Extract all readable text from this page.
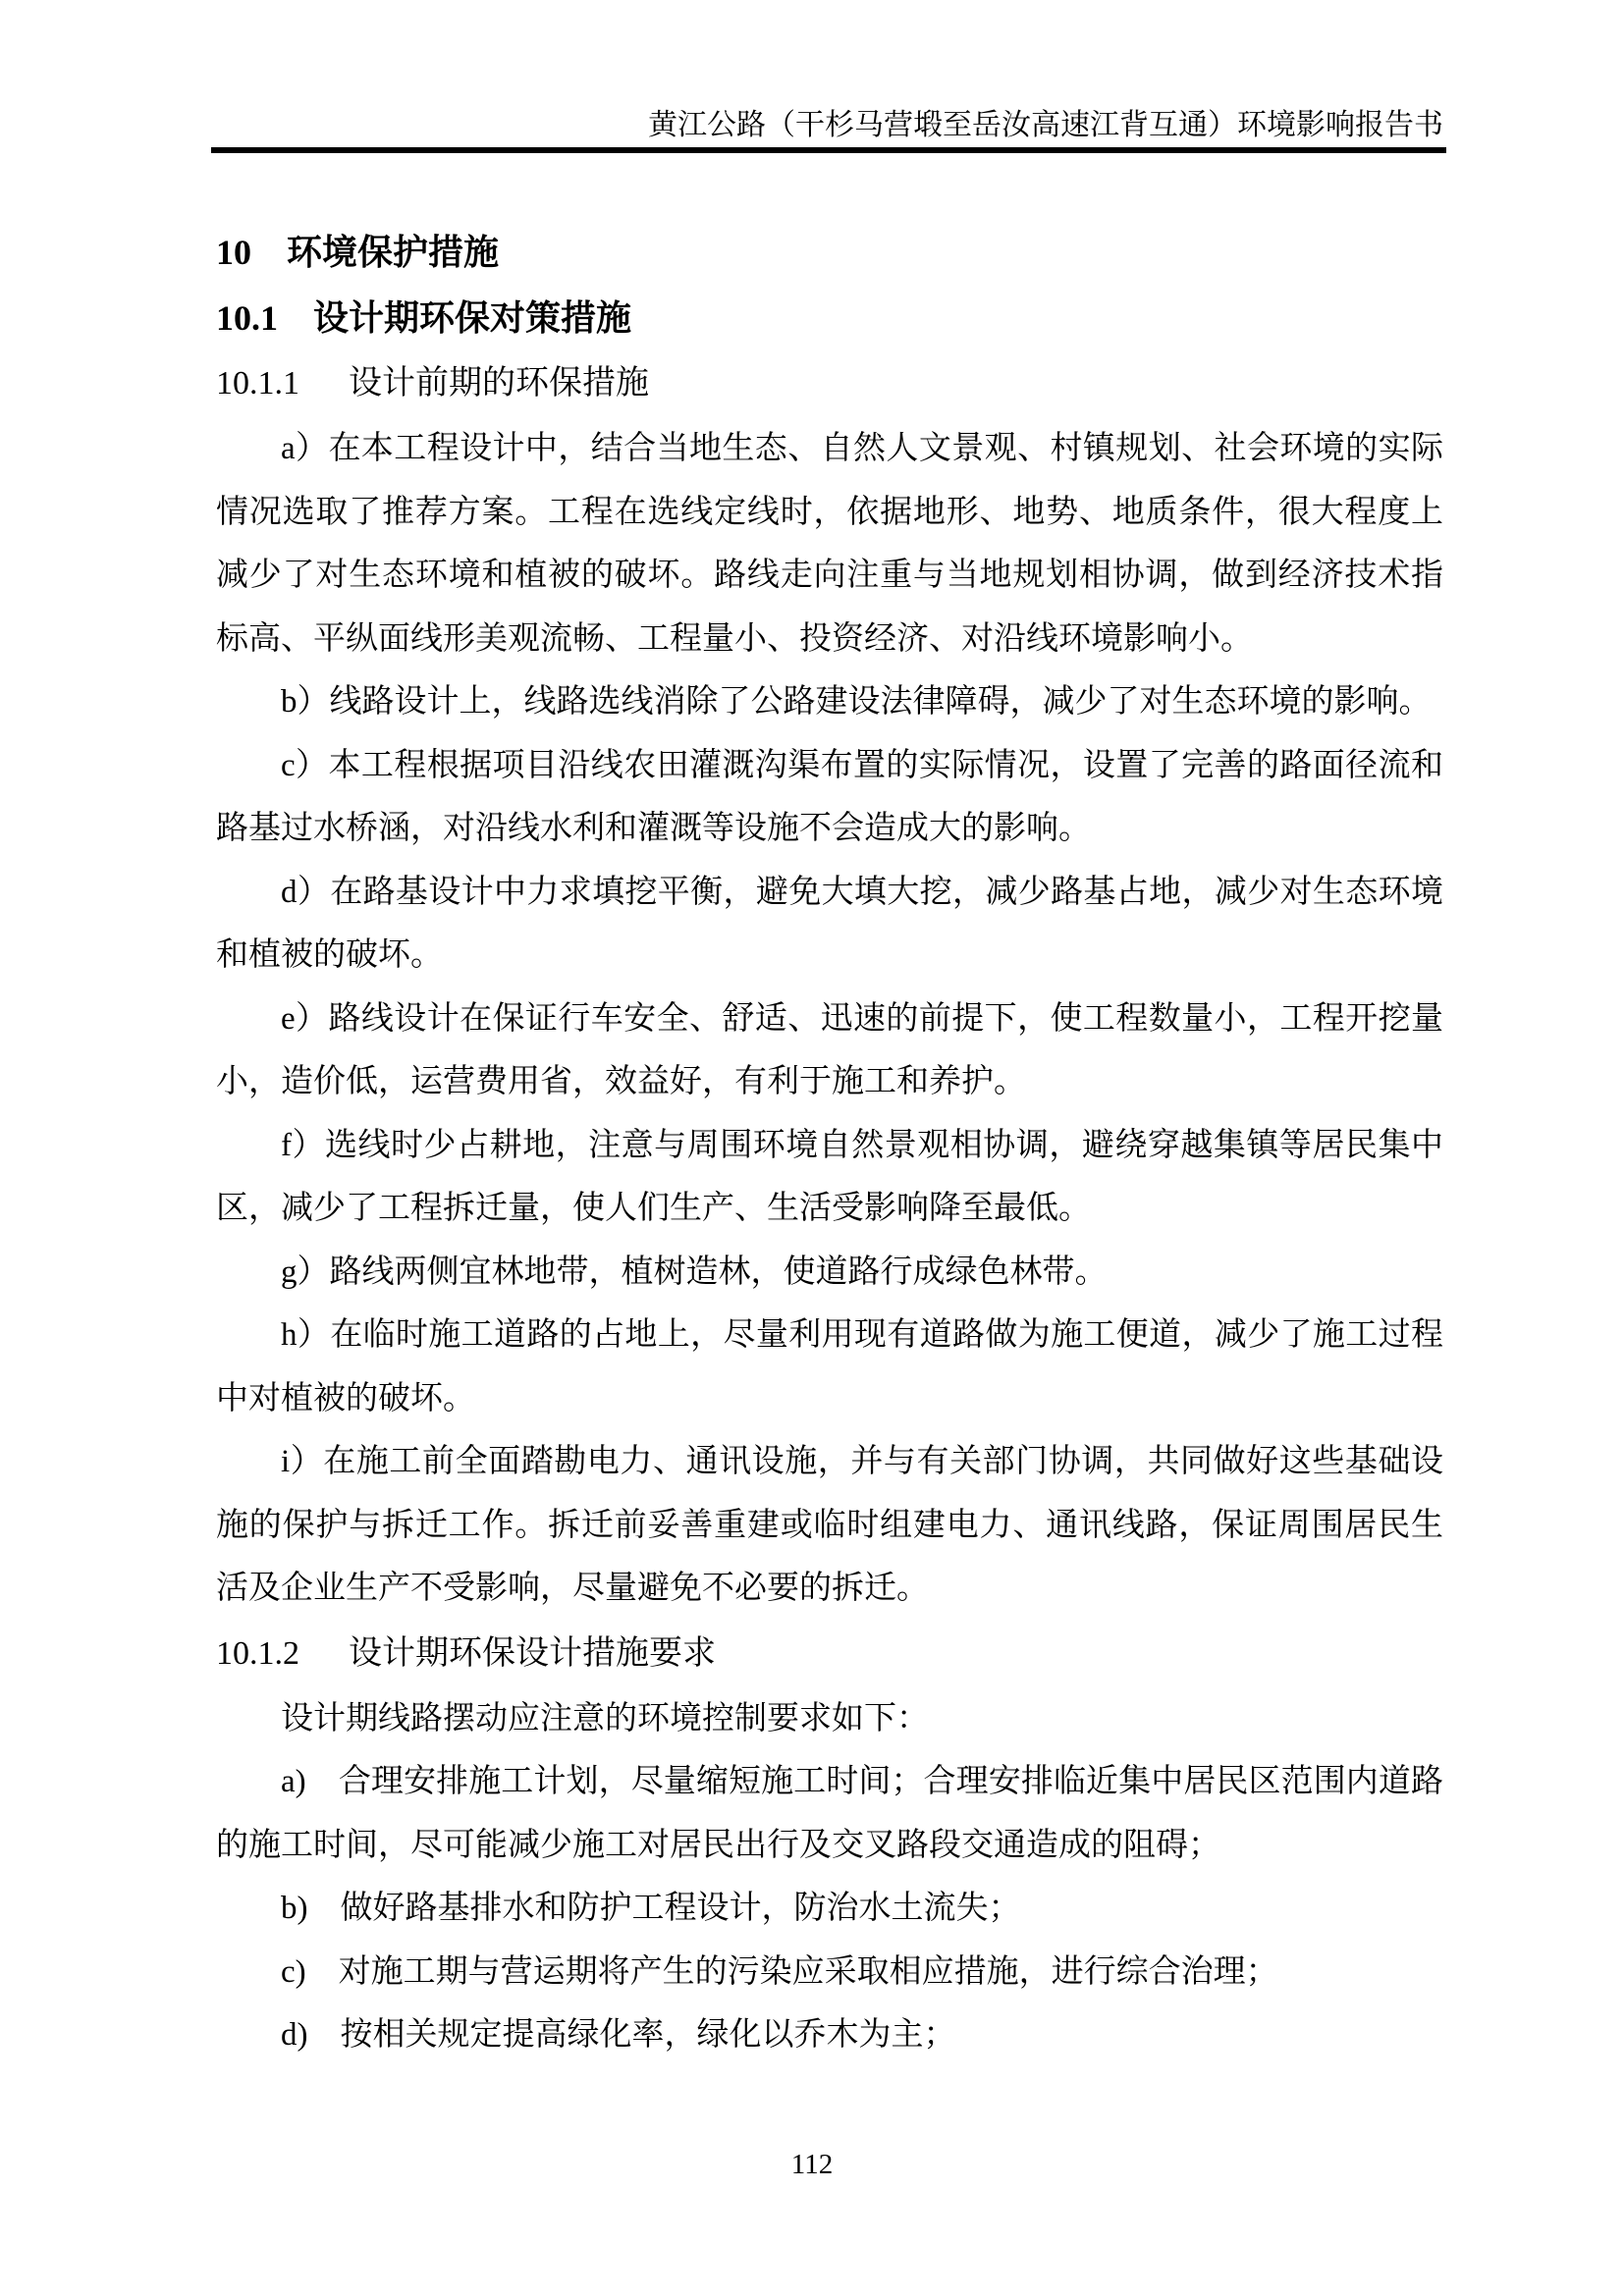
黄江公路（干杉马营塅至岳汝高速江背互通）环境影响报告书
10 环境保护措施
10.1 设计期环保对策措施
10.1.1 设计前期的环保措施

a）在本工程设计中，结合当地生态、自然人文景观、村镇规划、社会环境的实际情况选取了推荐方案。工程在选线定线时，依据地形、地势、地质条件，很大程度上减少了对生态环境和植被的破坏。路线走向注重与当地规划相协调，做到经济技术指标高、平纵面线形美观流畅、工程量小、投资经济、对沿线环境影响小。

b）线路设计上，线路选线消除了公路建设法律障碍，减少了对生态环境的影响。

c）本工程根据项目沿线农田灌溉沟渠布置的实际情况，设置了完善的路面径流和路基过水桥涵，对沿线水利和灌溉等设施不会造成大的影响。

d）在路基设计中力求填挖平衡，避免大填大挖，减少路基占地，减少对生态环境和植被的破坏。

e）路线设计在保证行车安全、舒适、迅速的前提下，使工程数量小，工程开挖量小，造价低，运营费用省，效益好，有利于施工和养护。

f）选线时少占耕地，注意与周围环境自然景观相协调，避绕穿越集镇等居民集中区，减少了工程拆迁量，使人们生产、生活受影响降至最低。

g）路线两侧宜林地带，植树造林，使道路行成绿色林带。

h）在临时施工道路的占地上，尽量利用现有道路做为施工便道，减少了施工过程中对植被的破坏。

i）在施工前全面踏勘电力、通讯设施，并与有关部门协调，共同做好这些基础设施的保护与拆迁工作。拆迁前妥善重建或临时组建电力、通讯线路，保证周围居民生活及企业生产不受影响，尽量避免不必要的拆迁。

10.1.2 设计期环保设计措施要求

设计期线路摆动应注意的环境控制要求如下：

a)　合理安排施工计划，尽量缩短施工时间；合理安排临近集中居民区范围内道路的施工时间，尽可能减少施工对居民出行及交叉路段交通造成的阻碍；

b)　做好路基排水和防护工程设计，防治水土流失；

c)　对施工期与营运期将产生的污染应采取相应措施，进行综合治理；

d)　按相关规定提高绿化率，绿化以乔木为主；

112
